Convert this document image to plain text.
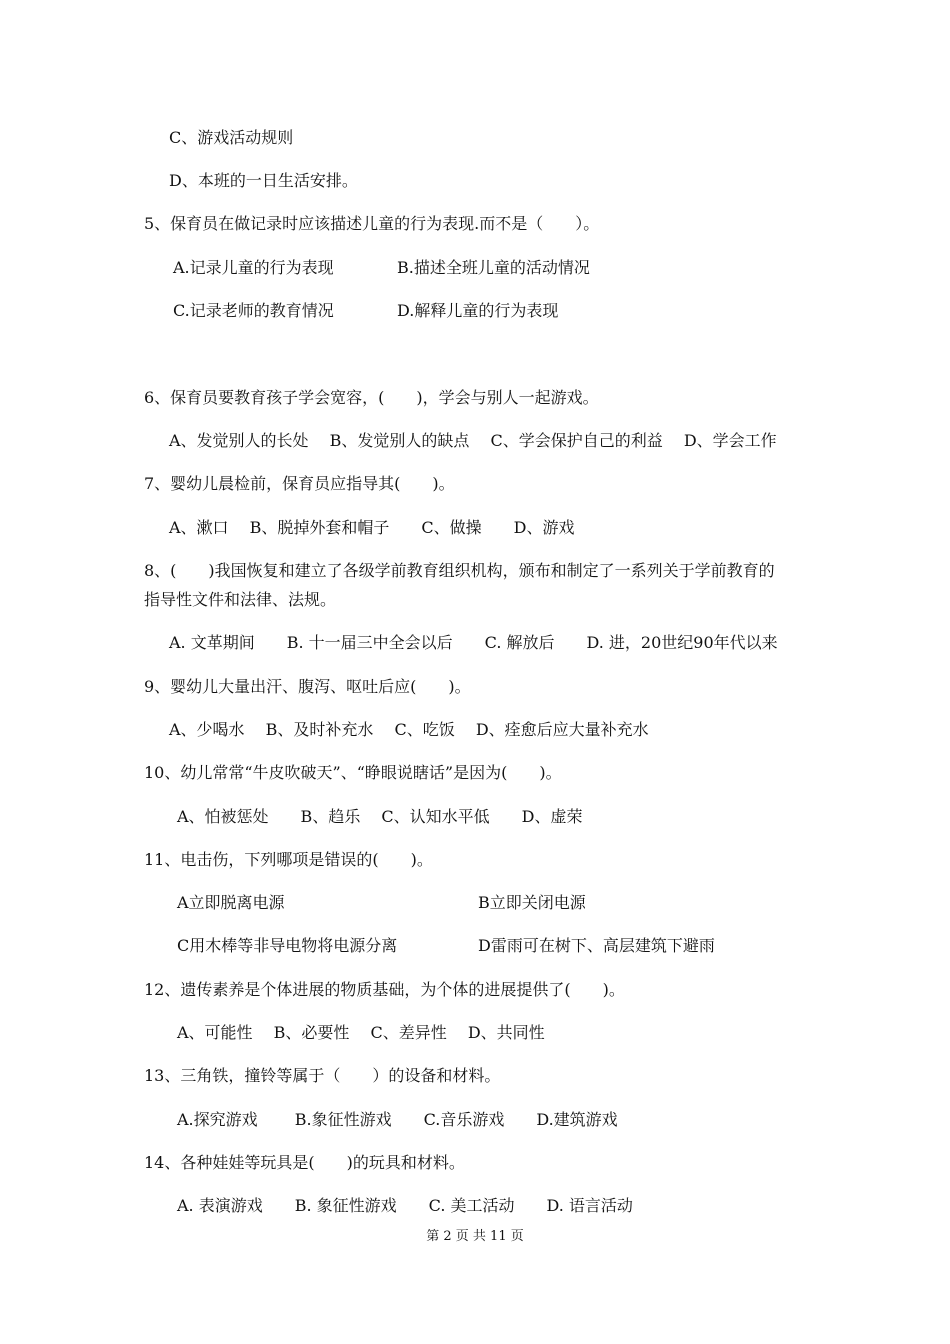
C、游戏活动规则
D、本班的一日生活安排。
5、保育员在做记录时应该描述儿童的行为表现.而不是（　　）。
A.记录儿童的行为表现	B.描述全班儿童的活动情况
C.记录老师的教育情况	D.解释儿童的行为表现
6、保育员要教育孩子学会宽容，(　　)，学会与别人一起游戏。
A、发觉别人的长处　 B、发觉别人的缺点　 C、学会保护自己的利益　 D、学会工作
7、婴幼儿晨检前，保育员应指导其(　　)。
A、漱口　 B、脱掉外套和帽子　　C、做操　　D、游戏
8、(　　)我国恢复和建立了各级学前教育组织机构，颁布和制定了一系列关于学前教育的
指导性文件和法律、法规。
A. 文革期间　　B. 十一届三中全会以后　　C. 解放后　　D. 进，20世纪90年代以来
9、婴幼儿大量出汗、腹泻、呕吐后应(　　)。
A、少喝水　 B、及时补充水　 C、吃饭　 D、痊愈后应大量补充水
10、幼儿常常“牛皮吹破天”、“睁眼说瞎话”是因为(　　)。
A、怕被惩处　　B、趋乐　 C、认知水平低　　D、虚荣
11、电击伤，下列哪项是错误的(　　)。
A立即脱离电源	B立即关闭电源
C用木棒等非导电物将电源分离	D雷雨可在树下、高层建筑下避雨
12、遗传素养是个体进展的物质基础，为个体的进展提供了(　　)。
A、可能性　 B、必要性　 C、差异性　 D、共同性
13、三角铁，撞铃等属于（　　）的设备和材料。
A.探究游戏　　 B.象征性游戏　　C.音乐游戏　　D.建筑游戏
14、各种娃娃等玩具是(　　)的玩具和材料。
A. 表演游戏　　B. 象征性游戏　　C. 美工活动　　D. 语言活动
第 2 页 共 11 页
